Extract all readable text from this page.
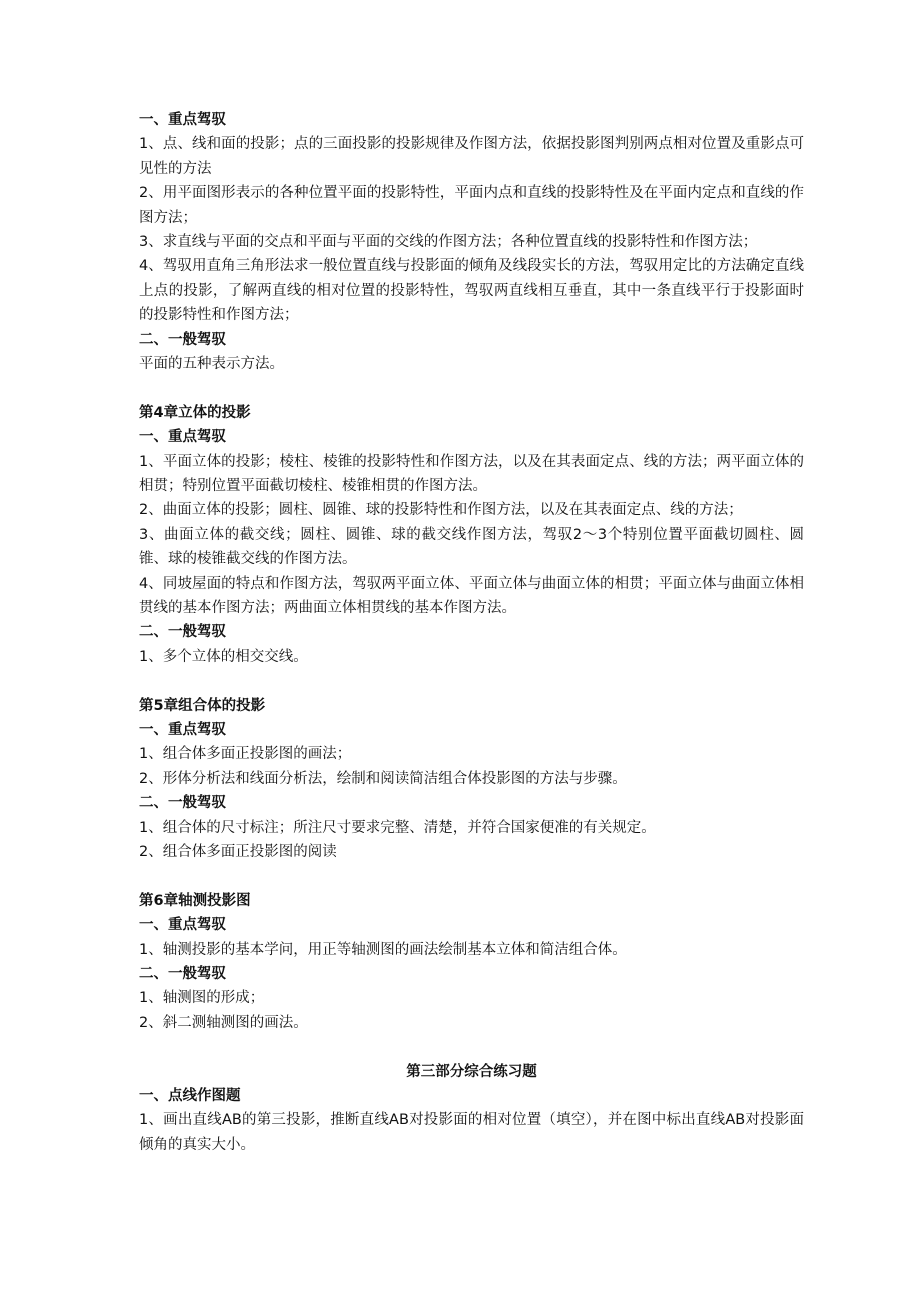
一、重点驾驭
1、点、线和面的投影；点的三面投影的投影规律及作图方法，依据投影图判别两点相对位置及重影点可见性的方法
2、用平面图形表示的各种位置平面的投影特性，平面内点和直线的投影特性及在平面内定点和直线的作图方法；
3、求直线与平面的交点和平面与平面的交线的作图方法；各种位置直线的投影特性和作图方法；
4、驾驭用直角三角形法求一般位置直线与投影面的倾角及线段实长的方法，驾驭用定比的方法确定直线上点的投影，了解两直线的相对位置的投影特性，驾驭两直线相互垂直，其中一条直线平行于投影面时的投影特性和作图方法；
二、一般驾驭
平面的五种表示方法。
第4章立体的投影
一、重点驾驭
1、平面立体的投影；棱柱、棱锥的投影特性和作图方法，以及在其表面定点、线的方法；两平面立体的相贯；特别位置平面截切棱柱、棱锥相贯的作图方法。
2、曲面立体的投影；圆柱、圆锥、球的投影特性和作图方法，以及在其表面定点、线的方法；
3、曲面立体的截交线；圆柱、圆锥、球的截交线作图方法，驾驭2〜3个特别位置平面截切圆柱、圆锥、球的棱锥截交线的作图方法。
4、同坡屋面的特点和作图方法，驾驭两平面立体、平面立体与曲面立体的相贯；平面立体与曲面立体相贯线的基本作图方法；两曲面立体相贯线的基本作图方法。
二、一般驾驭
1、多个立体的相交交线。
第5章组合体的投影
一、重点驾驭
1、组合体多面正投影图的画法；
2、形体分析法和线面分析法，绘制和阅读简洁组合体投影图的方法与步骤。
二、一般驾驭
1、组合体的尺寸标注；所注尺寸要求完整、清楚，并符合国家便准的有关规定。
2、组合体多面正投影图的阅读
第6章轴测投影图
一、重点驾驭
1、轴测投影的基本学问，用正等轴测图的画法绘制基本立体和简洁组合体。
二、一般驾驭
1、轴测图的形成；
2、斜二测轴测图的画法。
第三部分综合练习题
一、点线作图题
1、画出直线AB的第三投影，推断直线AB对投影面的相对位置（填空），并在图中标出直线AB对投影面倾角的真实大小。
